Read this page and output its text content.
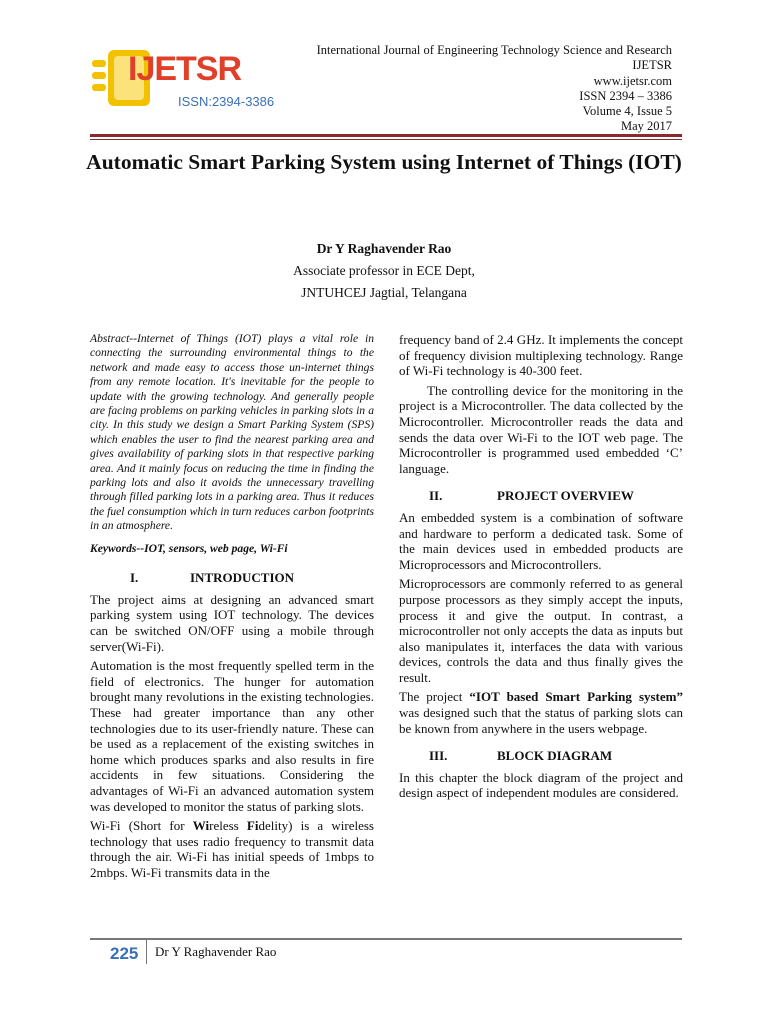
IJETSR
ISSN:2394-3386
International Journal of Engineering Technology Science and Research
IJETSR
www.ijetsr.com
ISSN 2394 – 3386
Volume 4, Issue 5
May 2017
Automatic Smart Parking System using Internet of Things (IOT)
Dr Y Raghavender Rao
Associate professor in ECE Dept,
JNTUHCEJ Jagtial, Telangana

Abstract--Internet of Things (IOT) plays a vital role in connecting the surrounding environmental things to the network and made easy to access those un-internet things from any remote location. It's inevitable for the people to update with the growing technology. And generally people are facing problems on parking vehicles in parking slots in a city. In this study we design a Smart Parking System (SPS) which enables the user to find the nearest parking area and gives availability of parking slots in that respective parking area. And it mainly focus on reducing the time in finding the parking lots and also it avoids the unnecessary travelling through filled parking lots in a parking area. Thus it reduces the fuel consumption which in turn reduces carbon footprints in an atmosphere.

Keywords--IOT, sensors, web page, Wi-Fi

I.	INTRODUCTION

The project aims at designing an advanced smart parking system using IOT technology. The devices can be switched ON/OFF using a mobile through server(Wi-Fi).

Automation is the most frequently spelled term in the field of electronics. The hunger for automation brought many revolutions in the existing technologies. These had greater importance than any other technologies due to its user-friendly nature. These can be used as a replacement of the existing switches in home which produces sparks and also results in fire accidents in few situations. Considering the advantages of Wi-Fi an advanced automation system was developed to monitor the status of parking slots.

Wi-Fi (Short for Wireless Fidelity) is a wireless technology that uses radio frequency to transmit data through the air. Wi-Fi has initial speeds of 1mbps to 2mbps. Wi-Fi transmits data in the

frequency band of 2.4 GHz. It implements the concept of frequency division multiplexing technology. Range of Wi-Fi technology is 40-300 feet.

The controlling device for the monitoring in the project is a Microcontroller. The data collected by the Microcontroller. Microcontroller reads the data and sends the data over Wi-Fi to the IOT web page. The Microcontroller is programmed used embedded ‘C’ language.

II.	PROJECT OVERVIEW

An embedded system is a combination of software and hardware to perform a dedicated task. Some of the main devices used in embedded products are Microprocessors and Microcontrollers.

Microprocessors are commonly referred to as general purpose processors as they simply accept the inputs, process it and give the output. In contrast, a microcontroller not only accepts the data as inputs but also manipulates it, interfaces the data with various devices, controls the data and thus finally gives the result.

The project “IOT based Smart Parking system” was designed such that the status of parking slots can be known from anywhere in the users webpage.

III.	BLOCK DIAGRAM

In this chapter the block diagram of the project and design aspect of independent modules are considered.

225 Dr Y Raghavender Rao
